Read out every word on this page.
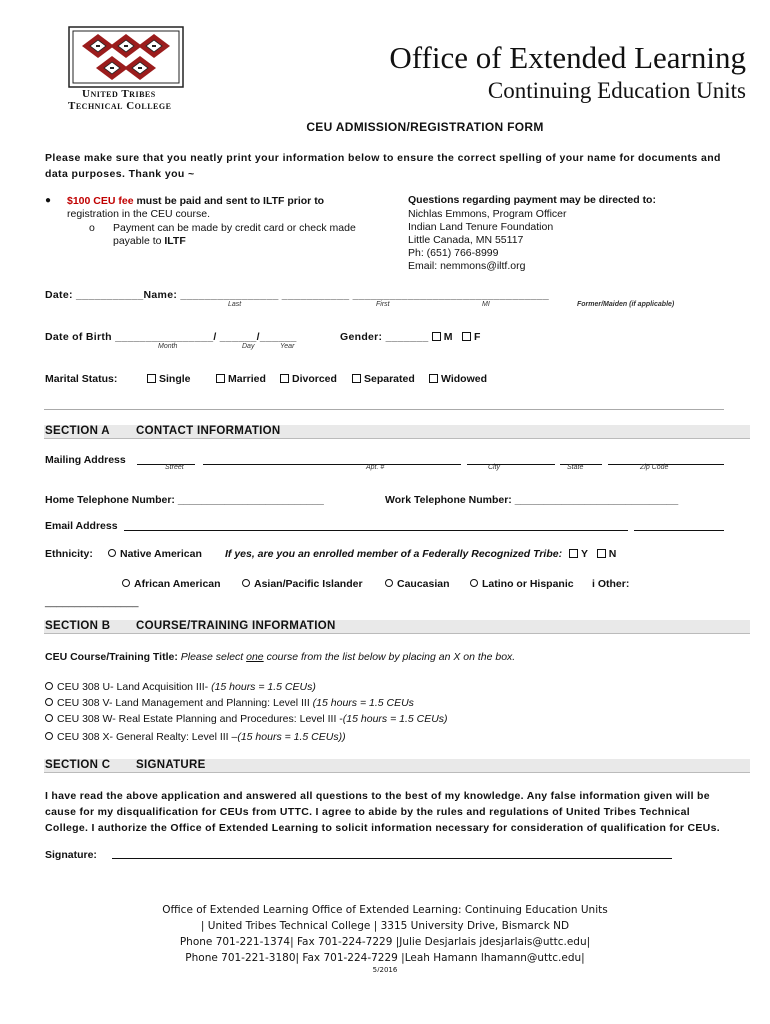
United Tribes
Technical College
Office of Extended Learning
Continuing Education Units
CEU ADMISSION/REGISTRATION FORM
Please make sure that you neatly print your information below to ensure the correct spelling of your name for documents and data purposes. Thank you ~
● $100 CEU fee must be paid and sent to ILTF prior to
registration in the CEU course.
o Payment can be made by credit card or check made
payable to ILTF
Questions regarding payment may be directed to:
Nichlas Emmons, Program Officer
Indian Land Tenure Foundation
Little Canada, MN 55117
Ph: (651) 766-8999
Email: nemmons@iltf.org
Date: ___________Name: ________________ ___________ ________________________________
Last	First	MI	Former/Maiden (if applicable)
Date of Birth ________________/ ______/______
Month	Day	Year
Gender: _______ M F
Marital Status:	Single	Married	Divorced	Separated	Widowed
SECTION A CONTACT INFORMATION
Mailing Address
Street	Apt. #	City	State	Zip Code
Home Telephone Number: _________________________	Work Telephone Number: ____________________________
Email Address
Ethnicity:	Native American If yes, are you an enrolled member of a Federally Recognized Tribe: Y N
African American	Asian/Pacific Islander	Caucasian	Latino or Hispanic i Other:
________________
SECTION B COURSE/TRAINING INFORMATION
CEU Course/Training Title: Please select one course from the list below by placing an X on the box.
CEU 308 U- Land Acquisition III- (15 hours = 1.5 CEUs)
CEU 308 V- Land Management and Planning: Level III (15 hours = 1.5 CEUs
CEU 308 W- Real Estate Planning and Procedures: Level III -(15 hours = 1.5 CEUs)
CEU 308 X- General Realty: Level III –(15 hours = 1.5 CEUs))
SECTION C SIGNATURE
I have read the above application and answered all questions to the best of my knowledge. Any false information given will be cause for my disqualification for CEUs from UTTC. I agree to abide by the rules and regulations of United Tribes Technical College. I authorize the Office of Extended Learning to solicit information necessary for consideration of qualification for CEUs.
Signature:
Office of Extended Learning Office of Extended Learning: Continuing Education Units
| United Tribes Technical College | 3315 University Drive, Bismarck ND
Phone 701-221-1374| Fax 701-224-7229 |Julie Desjarlais jdesjarlais@uttc.edu|
Phone 701-221-3180| Fax 701-224-7229 |Leah Hamann lhamann@uttc.edu|
5/2016
